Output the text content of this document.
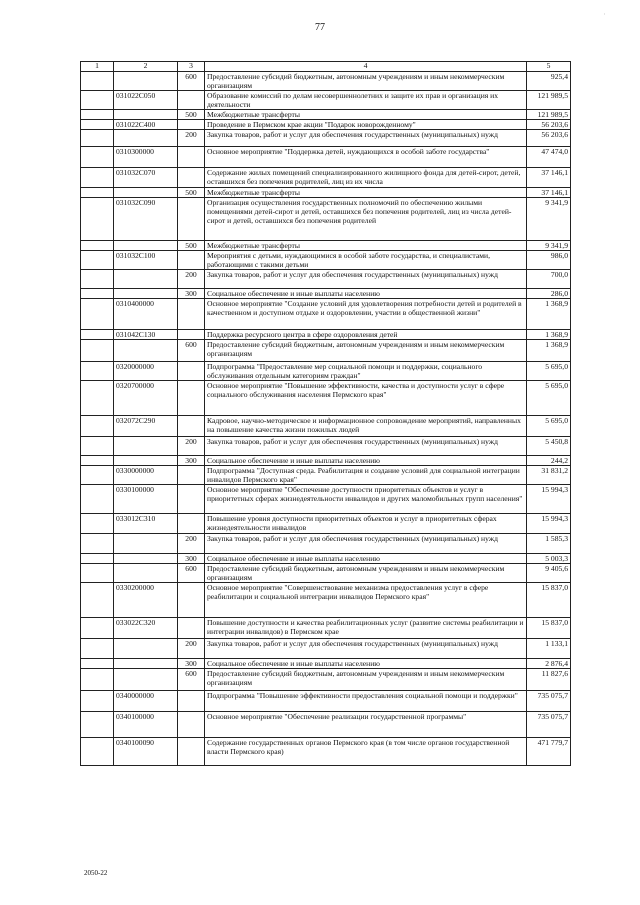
77
'
1	2	3	4	5
		600	Предоставление субсидий бюджетным, автономным учреждениям и иным некоммерческим организациям	925,4
	031022С050		Образование комиссий по делам несовершеннолетних и защите их прав и организация их деятельности	121 989,5
		500	Межбюджетные трансферты	121 989,5
	031022С400		Проведение в Пермском крае акции "Подарок новорожденному"	56 203,6
		200	Закупка товаров, работ и услуг для обеспечения государственных (муниципальных) нужд	56 203,6
	0310300000		Основное мероприятие "Поддержка детей, нуждающихся в особой заботе государства"	47 474,0
	031032С070		Содержание жилых помещений специализированного жилищного фонда для детей-сирот, детей, оставшихся без попечения родителей, лиц из их числа	37 146,1
		500	Межбюджетные трансферты	37 146,1
	031032С090		Организация осуществления государственных полномочий по обеспечению жилыми помещениями детей-сирот и детей, оставшихся без попечения родителей, лиц из числа детей-сирот и детей, оставшихся без попечения родителей	9 341,9
		500	Межбюджетные трансферты	9 341,9
	031032С100		Мероприятия с детьми, нуждающимися в особой заботе государства, и специалистами, работающими с такими детьми	986,0
		200	Закупка товаров, работ и услуг для обеспечения государственных (муниципальных) нужд	700,0
		300	Социальное обеспечение и иные выплаты населению	286,0
	0310400000		Основное мероприятие "Создание условий для удовлетворения потребности детей и родителей в качественном и доступном отдыхе и оздоровлении, участии в общественной жизни"	1 368,9
	031042С130		Поддержка ресурсного центра в сфере оздоровления детей	1 368,9
		600	Предоставление субсидий бюджетным, автономным учреждениям и иным некоммерческим организациям	1 368,9
	0320000000		Подпрограмма "Предоставление мер социальной помощи и поддержки, социального обслуживания отдельным категориям граждан"	5 695,0
	0320700000		Основное мероприятие "Повышение эффективности, качества и доступности услуг в сфере социального обслуживания населения Пермского края"	5 695,0
	032072С290		Кадровое, научно-методическое и информационное сопровождение мероприятий, направленных на повышение качества жизни пожилых людей	5 695,0
		200	Закупка товаров, работ и услуг для обеспечения государственных (муниципальных) нужд	5 450,8
		300	Социальное обеспечение и иные выплаты населению	244,2
	0330000000		Подпрограмма "Доступная среда. Реабилитация и создание условий для социальной интеграции инвалидов Пермского края"	31 831,2
	0330100000		Основное мероприятие "Обеспечение доступности приоритетных объектов и услуг в приоритетных сферах жизнедеятельности инвалидов и других маломобильных групп населения"	15 994,3
	033012С310		Повышение уровня доступности приоритетных объектов и услуг в приоритетных сферах жизнедеятельности инвалидов	15 994,3
		200	Закупка товаров, работ и услуг для обеспечения государственных (муниципальных) нужд	1 585,3
		300	Социальное обеспечение и иные выплаты населению	5 003,3
		600	Предоставление субсидий бюджетным, автономным учреждениям и иным некоммерческим организациям	9 405,6
	0330200000		Основное мероприятие "Совершенствование механизма предоставления услуг в сфере реабилитации и социальной интеграции инвалидов Пермского края"	15 837,0
	033022С320		Повышение доступности и качества реабилитационных услуг (развитие системы реабилитации и интеграции инвалидов) в Пермском крае	15 837,0
		200	Закупка товаров, работ и услуг для обеспечения государственных (муниципальных) нужд	1 133,1
		300	Социальное обеспечение и иные выплаты населению	2 876,4
		600	Предоставление субсидий бюджетным, автономным учреждениям и иным некоммерческим организациям	11 827,6
	0340000000		Подпрограмма "Повышение эффективности предоставления социальной помощи и поддержки"	735 075,7
	0340100000		Основное мероприятие "Обеспечение реализации государственной программы"	735 075,7
	0340100090		Содержание государственных органов Пермского края (в том числе органов государственной власти Пермского края)	471 779,7
2050-22
